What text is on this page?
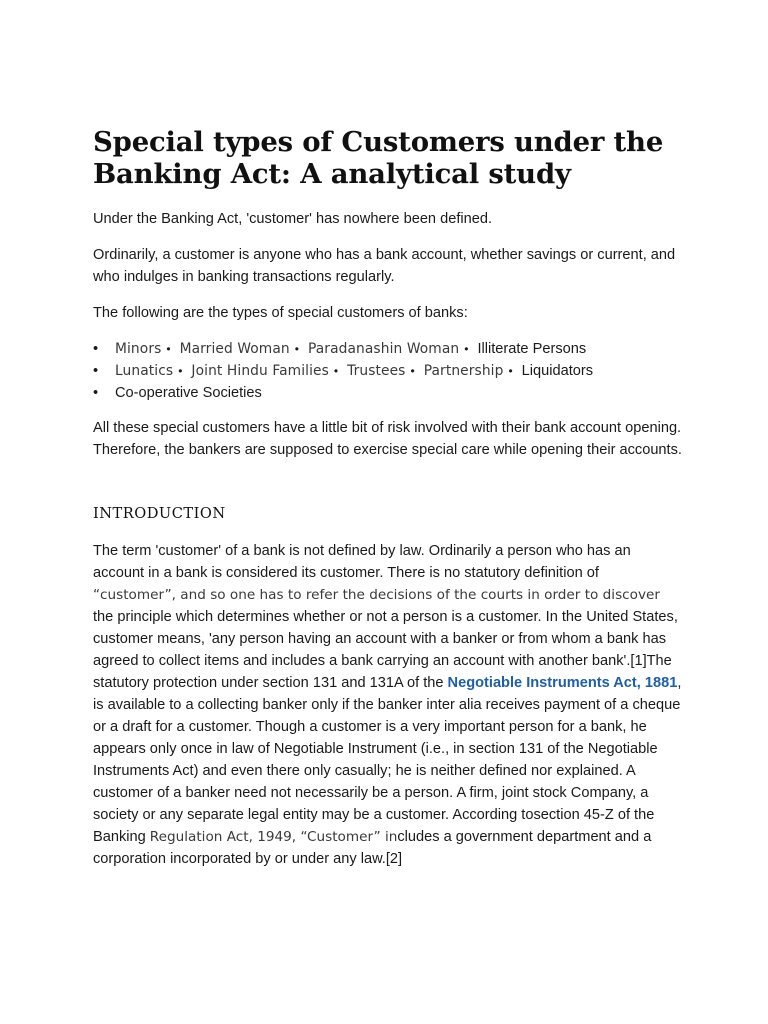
Special types of Customers under the Banking Act: A analytical study

Under the Banking Act, 'customer' has nowhere been defined.

Ordinarily, a customer is anyone who has a bank account, whether savings or current, and who indulges in banking transactions regularly.

The following are the types of special customers of banks:

• Minors • Married Woman • Paradanashin Woman • Illiterate Persons
• Lunatics • Joint Hindu Families • Trustees • Partnership • Liquidators
• Co-operative Societies

All these special customers have a little bit of risk involved with their bank account opening. Therefore, the bankers are supposed to exercise special care while opening their accounts.

INTRODUCTION

The term 'customer' of a bank is not defined by law. Ordinarily a person who has an account in a bank is considered its customer. There is no statutory definition of “customer”, and so one has to refer the decisions of the courts in order to discover the principle which determines whether or not a person is a customer. In the United States, customer means, 'any person having an account with a banker or from whom a bank has agreed to collect items and includes a bank carrying an account with another bank'.[1]The statutory protection under section 131 and 131A of the Negotiable Instruments Act, 1881, is available to a collecting banker only if the banker inter alia receives payment of a cheque or a draft for a customer. Though a customer is a very important person for a bank, he appears only once in law of Negotiable Instrument (i.e., in section 131 of the Negotiable Instruments Act) and even there only casually; he is neither defined nor explained. A customer of a banker need not necessarily be a person. A firm, joint stock Company, a society or any separate legal entity may be a customer. According tosection 45-Z of the Banking Regulation Act, 1949, “Customer” includes a government department and a corporation incorporated by or under any law.[2]
